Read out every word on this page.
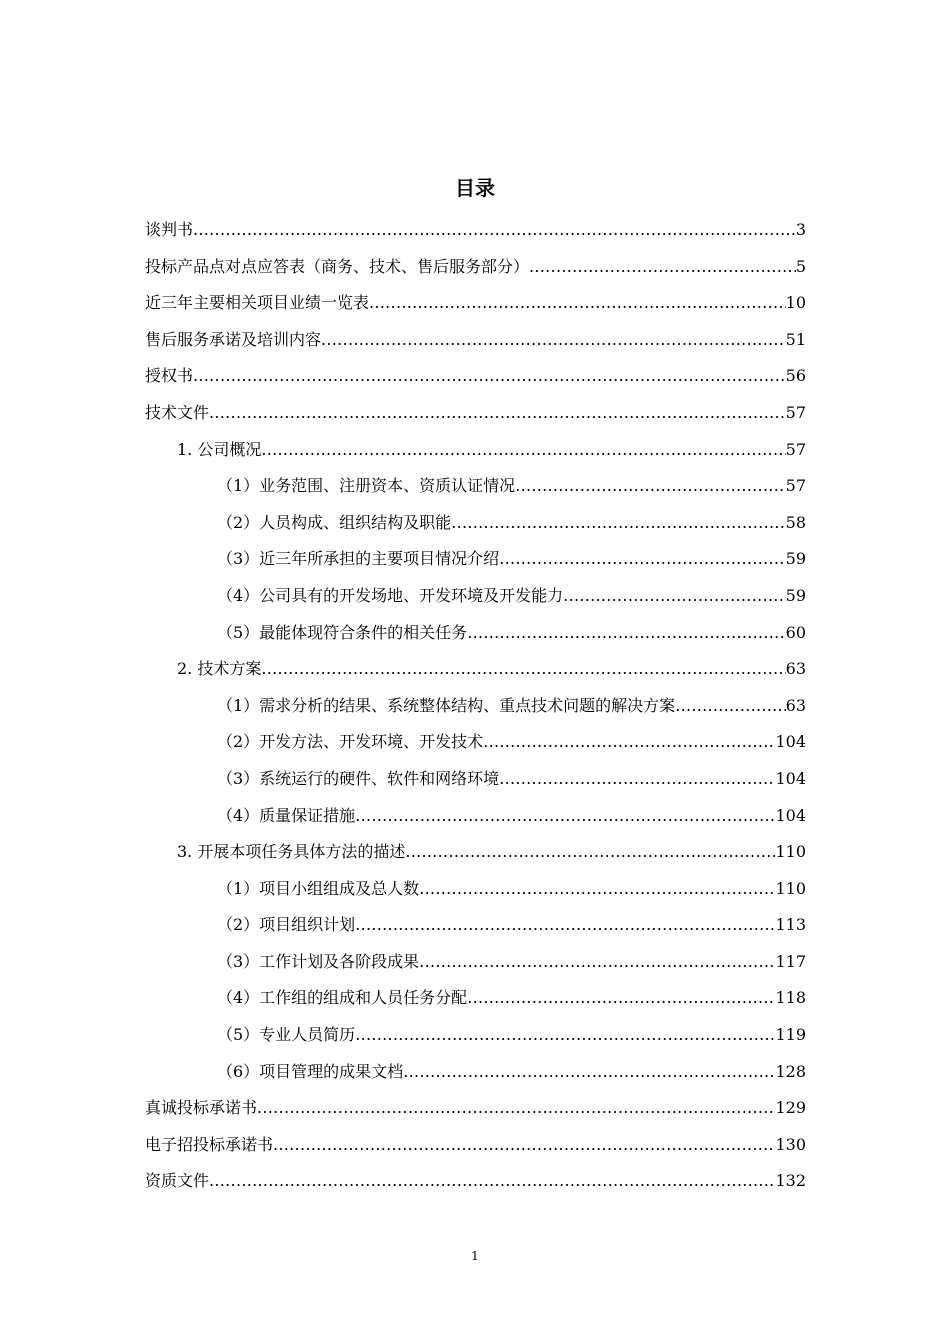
目录
谈判书 .....	3
投标产品点对点应答表（商务、技术、售后服务部分） .....	5
近三年主要相关项目业绩一览表 .....	10
售后服务承诺及培训内容 .....	51
授权书 .....	56
技术文件 .....	57
1. 公司概况 .....	57
（1）业务范围、注册资本、资质认证情况 .....	57
（2）人员构成、组织结构及职能 .....	58
（3）近三年所承担的主要项目情况介绍 .....	59
（4）公司具有的开发场地、开发环境及开发能力 .....	59
（5）最能体现符合条件的相关任务 .....	60
2. 技术方案 .....	63
（1）需求分析的结果、系统整体结构、重点技术问题的解决方案 .....	63
（2）开发方法、开发环境、开发技术 .....	104
（3）系统运行的硬件、软件和网络环境 .....	104
（4）质量保证措施 .....	104
3. 开展本项任务具体方法的描述 .....	110
（1）项目小组组成及总人数 .....	110
（2）项目组织计划 .....	113
（3）工作计划及各阶段成果 .....	117
（4）工作组的组成和人员任务分配 .....	118
（5）专业人员简历 .....	119
（6）项目管理的成果文档 .....	128
真诚投标承诺书 .....	129
电子招投标承诺书 .....	130
资质文件 .....	132
1
